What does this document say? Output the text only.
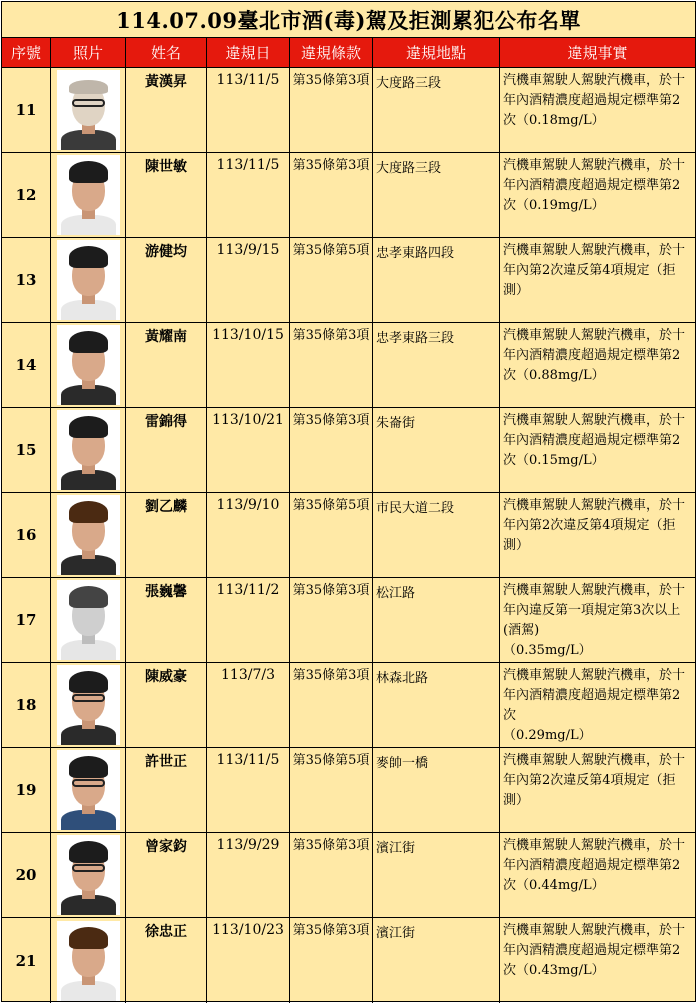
114.07.09臺北市酒(毒)駕及拒測累犯公布名單
序號	照片	姓名	違規日	違規條款	違規地點	違規事實
11
黃漢昇	113/11/5	第35條第3項 大度路三段	汽機車駕駛人駕駛汽機車，於十年內酒精濃度超過規定標準第2次（0.18mg/L）
12
陳世敏	113/11/5	第35條第3項 大度路三段	汽機車駕駛人駕駛汽機車，於十年內酒精濃度超過規定標準第2次（0.19mg/L）
13
游健均	113/9/15	第35條第5項 忠孝東路四段	汽機車駕駛人駕駛汽機車，於十年內第2次違反第4項規定（拒測）
14
黃耀南	113/10/15 第35條第3項 忠孝東路三段	汽機車駕駛人駕駛汽機車，於十年內酒精濃度超過規定標準第2次（0.88mg/L）
15
雷錦得	113/10/21 第35條第3項 朱崙街	汽機車駕駛人駕駛汽機車，於十年內酒精濃度超過規定標準第2次（0.15mg/L）
16
劉乙麟	113/9/10	第35條第5項 市民大道二段	汽機車駕駛人駕駛汽機車，於十年內第2次違反第4項規定（拒測）
17
張巍馨	113/11/2	第35條第3項 松江路	汽機車駕駛人駕駛汽機車，於十年內違反第一項規定第3次以上(酒駕)
（0.35mg/L）
18
陳威豪	113/7/3	第35條第3項 林森北路	汽機車駕駛人駕駛汽機車，於十年內酒精濃度超過規定標準第2次
（0.29mg/L）
19
許世正	113/11/5	第35條第5項 麥帥一橋	汽機車駕駛人駕駛汽機車，於十年內第2次違反第4項規定（拒測）
20
曾家鈞	113/9/29	第35條第3項 濱江街	汽機車駕駛人駕駛汽機車，於十年內酒精濃度超過規定標準第2次（0.44mg/L）
21
徐忠正	113/10/23 第35條第3項 濱江街	汽機車駕駛人駕駛汽機車，於十年內酒精濃度超過規定標準第2次（0.43mg/L）
